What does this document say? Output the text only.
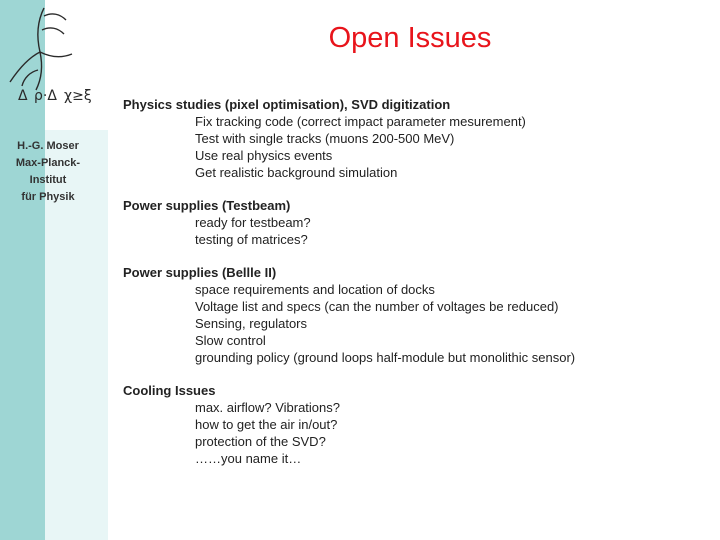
Δ ρ·Δ χ≥ξ
H.-G. Moser
Max-Planck-Institut
für Physik
Open Issues
Physics studies (pixel optimisation), SVD digitization
Fix tracking code (correct impact parameter mesurement)
Test with single tracks (muons 200-500 MeV)
Use real physics events
Get realistic background simulation
Power supplies (Testbeam)
ready for testbeam?
testing of matrices?
Power supplies (Bellle II)
space requirements and location of docks
Voltage list and specs (can the number of voltages be reduced)
Sensing, regulators
Slow control
grounding policy (ground loops half-module but monolithic sensor)
Cooling Issues
max. airflow? Vibrations?
how to get the air in/out?
protection of the SVD?
……you name it…
